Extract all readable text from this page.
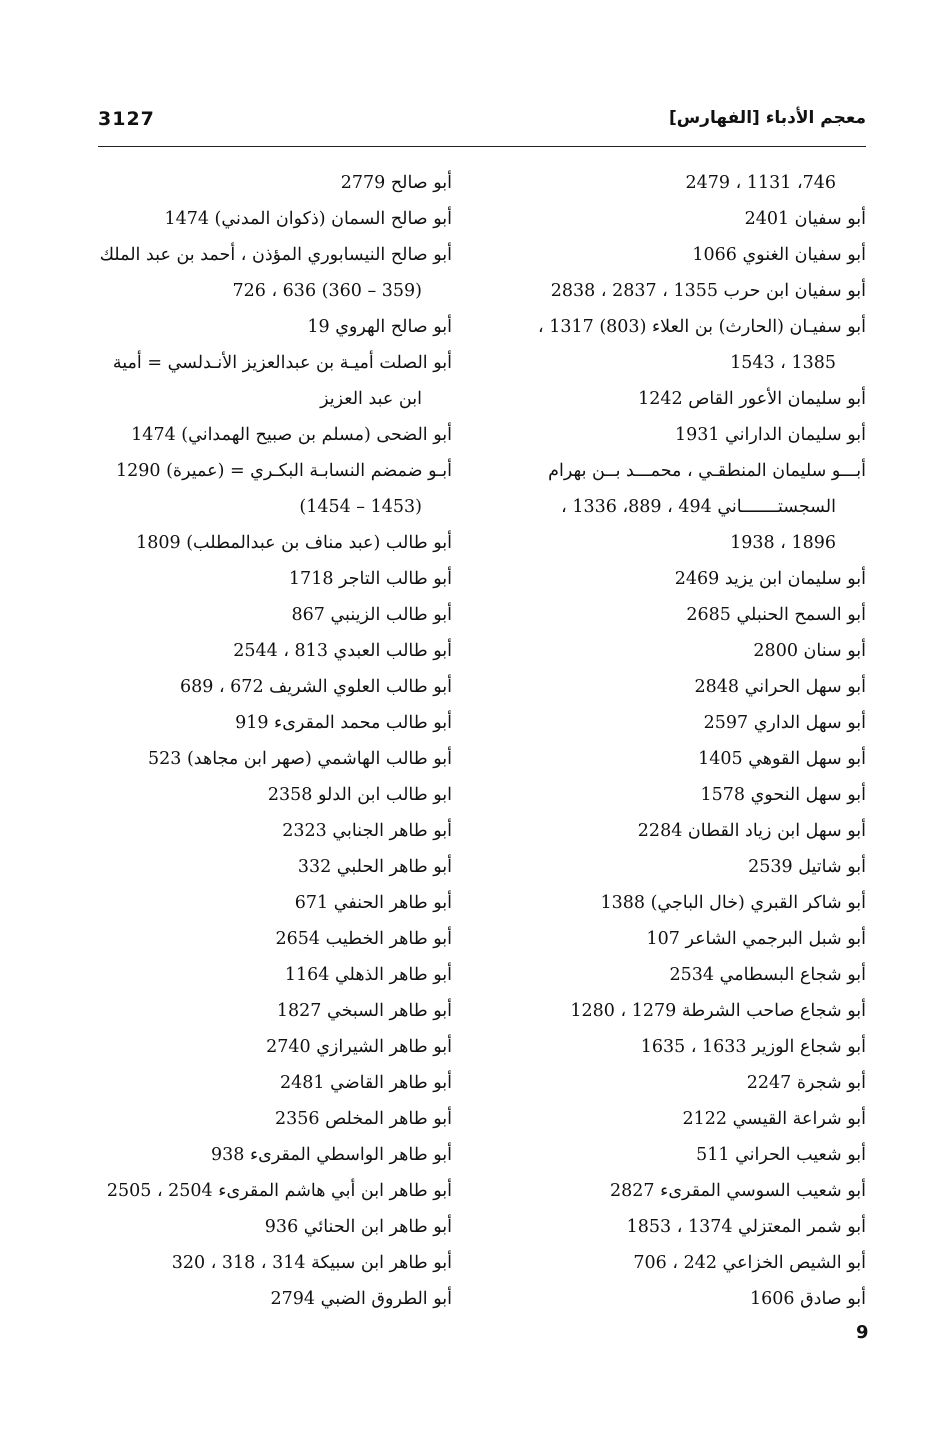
3127	معجم الأدباء [الفهارس]
746، 1131 ، 2479
أبو سفيان 2401
أبو سفيان الغنوي 1066
أبو سفيان ابن حرب 1355 ، 2837 ، 2838
أبو سفيـان (الحارث) بن العلاء (803) 1317 ،
1385 ، 1543
أبو سليمان الأعور القاص 1242
أبو سليمان الداراني 1931
أبـــو سليمان المنطقـي ، محمـــد بــن بهرام
السجستـــــــاني 494 ، 889، 1336 ،
1896 ، 1938
أبو سليمان ابن يزيد 2469
أبو السمح الحنبلي 2685
أبو سنان 2800
أبو سهل الحراني 2848
أبو سهل الداري 2597
أبو سهل القوهي 1405
أبو سهل النحوي 1578
أبو سهل ابن زياد القطان 2284
أبو شاتيل 2539
أبو شاكر القبري (خال الباجي) 1388
أبو شبل البرجمي الشاعر 107
أبو شجاع البسطامي 2534
أبو شجاع صاحب الشرطة 1279 ، 1280
أبو شجاع الوزير 1633 ، 1635
أبو شجرة 2247
أبو شراعة القيسي 2122
أبو شعيب الحراني 511
أبو شعيب السوسي المقرىء 2827
أبو شمر المعتزلي 1374 ، 1853
أبو الشيص الخزاعي 242 ، 706
أبو صادق 1606
أبو صالح 2779
أبو صالح السمان (ذكوان المدني) 1474
أبو صالح النيسابوري المؤذن ، أحمد بن عبد الملك
(359 – 360) 636 ، 726
أبو صالح الهروي 19
أبو الصلت أميـة بن عبدالعزيز الأنـدلسي = أمية
ابن عبد العزيز
أبو الضحى (مسلم بن صبيح الهمداني) 1474
أبـو ضمضم النسابـة البكـري = (عميرة) 1290
(1453 – 1454)
أبو طالب (عبد مناف بن عبدالمطلب) 1809
أبو طالب التاجر 1718
أبو طالب الزينبي 867
أبو طالب العبدي 813 ، 2544
أبو طالب العلوي الشريف 672 ، 689
أبو طالب محمد المقرىء 919
أبو طالب الهاشمي (صهر ابن مجاهد) 523
ابو طالب ابن الدلو 2358
أبو طاهر الجنابي 2323
أبو طاهر الحلبي 332
أبو طاهر الحنفي 671
أبو طاهر الخطيب 2654
أبو طاهر الذهلي 1164
أبو طاهر السبخي 1827
أبو طاهر الشيرازي 2740
أبو طاهر القاضي 2481
أبو طاهر المخلص 2356
أبو طاهر الواسطي المقرىء 938
أبو طاهر ابن أبي هاشم المقرىء 2504 ، 2505
أبو طاهر ابن الحنائي 936
أبو طاهر ابن سبيكة 314 ، 318 ، 320
أبو الطروق الضبي 2794
9
